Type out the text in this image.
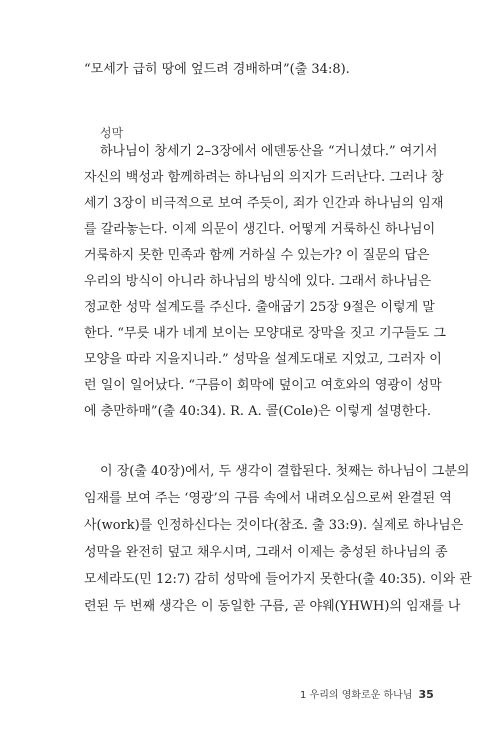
“모세가 급히 땅에 엎드려 경배하며”(출 34:8).
성막
하나님이 창세기 2–3장에서 에덴동산을 “거니셨다.” 여기서
자신의 백성과 함께하려는 하나님의 의지가 드러난다. 그러나 창
세기 3장이 비극적으로 보여 주듯이, 죄가 인간과 하나님의 임재
를 갈라놓는다. 이제 의문이 생긴다. 어떻게 거룩하신 하나님이
거룩하지 못한 민족과 함께 거하실 수 있는가? 이 질문의 답은
우리의 방식이 아니라 하나님의 방식에 있다. 그래서 하나님은
정교한 성막 설계도를 주신다. 출애굽기 25장 9절은 이렇게 말
한다. “무릇 내가 네게 보이는 모양대로 장막을 짓고 기구들도 그
모양을 따라 지을지니라.” 성막을 설계도대로 지었고, 그러자 이
런 일이 일어났다. “구름이 회막에 덮이고 여호와의 영광이 성막
에 충만하매”(출 40:34). R. A. 콜(Cole)은 이렇게 설명한다.
이 장(출 40장)에서, 두 생각이 결합된다. 첫째는 하나님이 그분의
임재를 보여 주는 ‘영광’의 구름 속에서 내려오심으로써 완결된 역
사(work)를 인정하신다는 것이다(참조. 출 33:9). 실제로 하나님은
성막을 완전히 덮고 채우시며, 그래서 이제는 충성된 하나님의 종
모세라도(민 12:7) 감히 성막에 들어가지 못한다(출 40:35). 이와 관
련된 두 번째 생각은 이 동일한 구름, 곧 야웨(YHWH)의 임재를 나
1 우리의 영화로운 하나님 35
